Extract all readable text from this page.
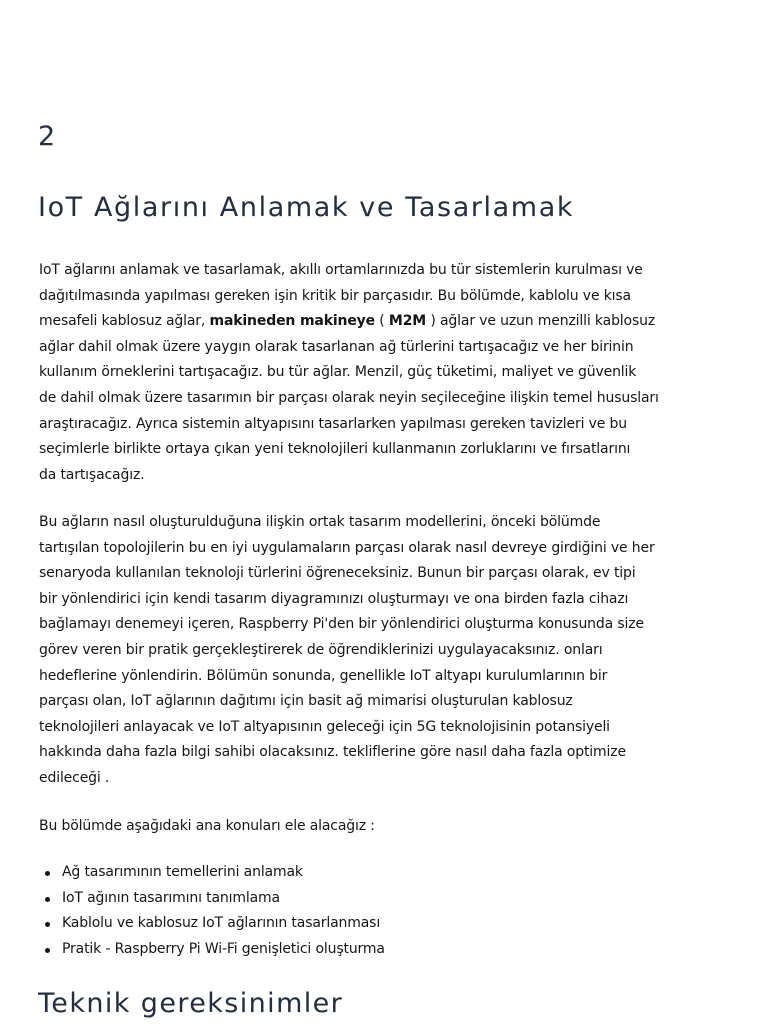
2
IoT Ağlarını Anlamak ve Tasarlamak

IoT ağlarını anlamak ve tasarlamak, akıllı ortamlarınızda bu tür sistemlerin kurulması ve
dağıtılmasında yapılması gereken işin kritik bir parçasıdır. Bu bölümde, kablolu ve kısa
mesafeli kablosuz ağlar, makineden makineye ( M2M ) ağlar ve uzun menzilli kablosuz
ağlar dahil olmak üzere yaygın olarak tasarlanan ağ türlerini tartışacağız ve her birinin
kullanım örneklerini tartışacağız. bu tür ağlar. Menzil, güç tüketimi, maliyet ve güvenlik
de dahil olmak üzere tasarımın bir parçası olarak neyin seçileceğine ilişkin temel hususları
araştıracağız. Ayrıca sistemin altyapısını tasarlarken yapılması gereken tavizleri ve bu
seçimlerle birlikte ortaya çıkan yeni teknolojileri kullanmanın zorluklarını ve fırsatlarını
da tartışacağız.

Bu ağların nasıl oluşturulduğuna ilişkin ortak tasarım modellerini, önceki bölümde
tartışılan topolojilerin bu en iyi uygulamaların parçası olarak nasıl devreye girdiğini ve her
senaryoda kullanılan teknoloji türlerini öğreneceksiniz. Bunun bir parçası olarak, ev tipi
bir yönlendirici için kendi tasarım diyagramınızı oluşturmayı ve ona birden fazla cihazı
bağlamayı denemeyi içeren, Raspberry Pi'den bir yönlendirici oluşturma konusunda size
görev veren bir pratik gerçekleştirerek de öğrendiklerinizi uygulayacaksınız. onları
hedeflerine yönlendirin. Bölümün sonunda, genellikle IoT altyapı kurulumlarının bir
parçası olan, IoT ağlarının dağıtımı için basit ağ mimarisi oluşturulan kablosuz
teknolojileri anlayacak ve IoT altyapısının geleceği için 5G teknolojisinin potansiyeli
hakkında daha fazla bilgi sahibi olacaksınız. tekliflerine göre nasıl daha fazla optimize
edileceği .

Bu bölümde aşağıdaki ana konuları ele alacağız :

Ağ tasarımının temellerini anlamak
IoT ağının tasarımını tanımlama
Kablolu ve kablosuz IoT ağlarının tasarlanması
Pratik - Raspberry Pi Wi-Fi genişletici oluşturma
Teknik gereksinimler
